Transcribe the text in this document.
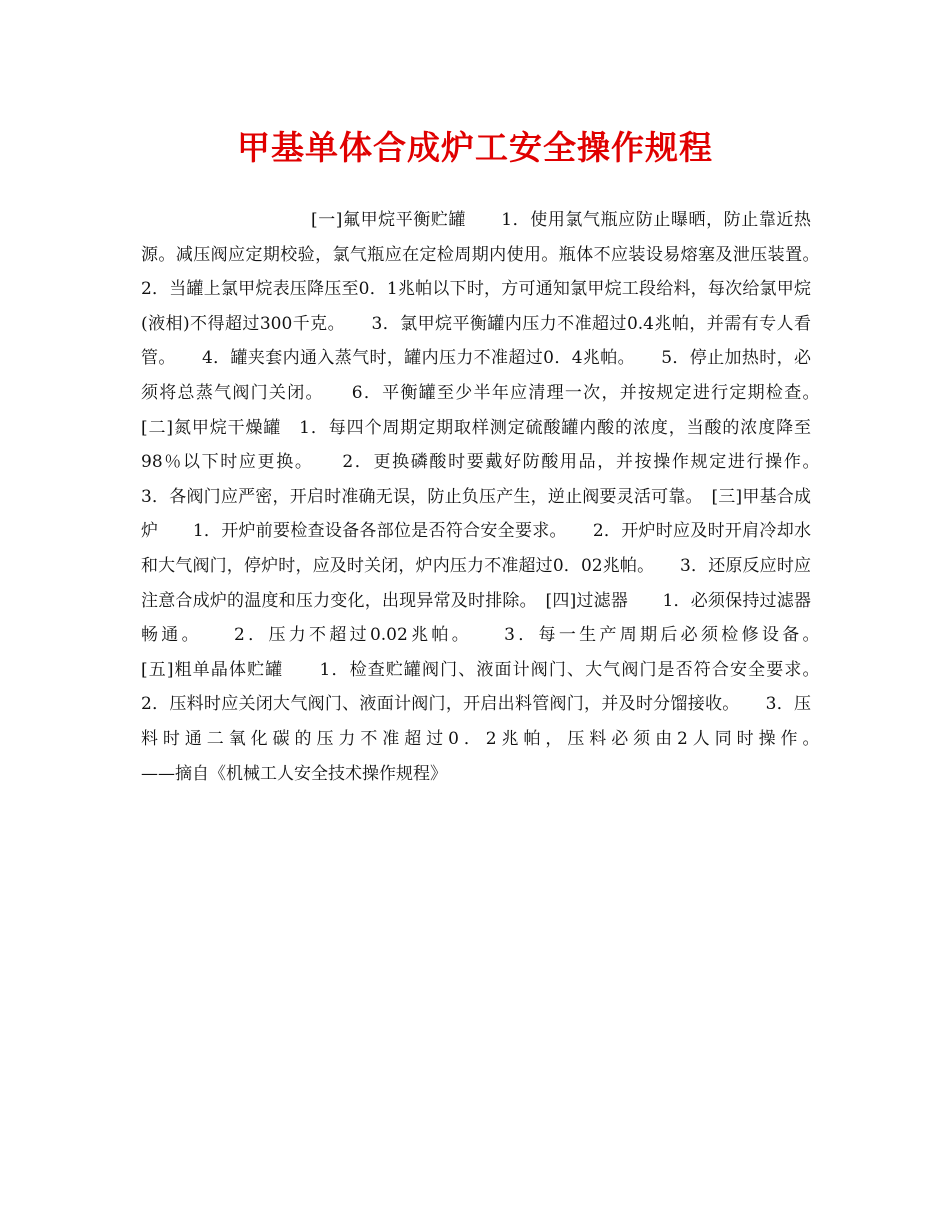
甲基单体合成炉工安全操作规程

[一]氟甲烷平衡贮罐　　1．使用氯气瓶应防止曝晒，防止靠近热源。减压阀应定期校验，氯气瓶应在定检周期内使用。瓶体不应装设易熔塞及泄压装置。　　2．当罐上氯甲烷表压降压至0．1兆帕以下时，方可通知氯甲烷工段给料，每次给氯甲烷(液相)不得超过300千克。　　3．氯甲烷平衡罐内压力不准超过0.4兆帕，并需有专人看管。　　4．罐夹套内通入蒸气时，罐内压力不准超过0．4兆帕。　　5．停止加热时，必须将总蒸气阀门关闭。　　6．平衡罐至少半年应清理一次，并按规定进行定期检查。　　　　　　　[二]氮甲烷干燥罐　1．每四个周期定期取样测定硫酸罐内酸的浓度，当酸的浓度降至98％以下时应更换。　　2．更换磷酸时要戴好防酸用品，并按操作规定进行操作。　　3．各阀门应严密，开启时准确无误，防止负压产生，逆止阀要灵活可靠。　[三]甲基合成炉　　1．开炉前要检查设备各部位是否符合安全要求。　　2．开炉时应及时开肩冷却水和大气阀门，停炉时，应及时关闭，炉内压力不准超过0．02兆帕。　　3．还原反应时应注意合成炉的温度和压力变化，出现异常及时排除。　[四]过滤器　　1．必须保持过滤器畅通。　　2．压力不超过0.02兆帕。　　3．每一生产周期后必须检修设备。　　　　　　　[五]粗单晶体贮罐　　1．检查贮罐阀门、液面计阀门、大气阀门是否符合安全要求。　　2．压料时应关闭大气阀门、液面计阀门，开启出料管阀门，并及时分馏接收。　　3．压料时通二氧化碳的压力不准超过0．2兆帕，压料必须由2人同时操作。　　　　　　　　——摘自《机械工人安全技术操作规程》
